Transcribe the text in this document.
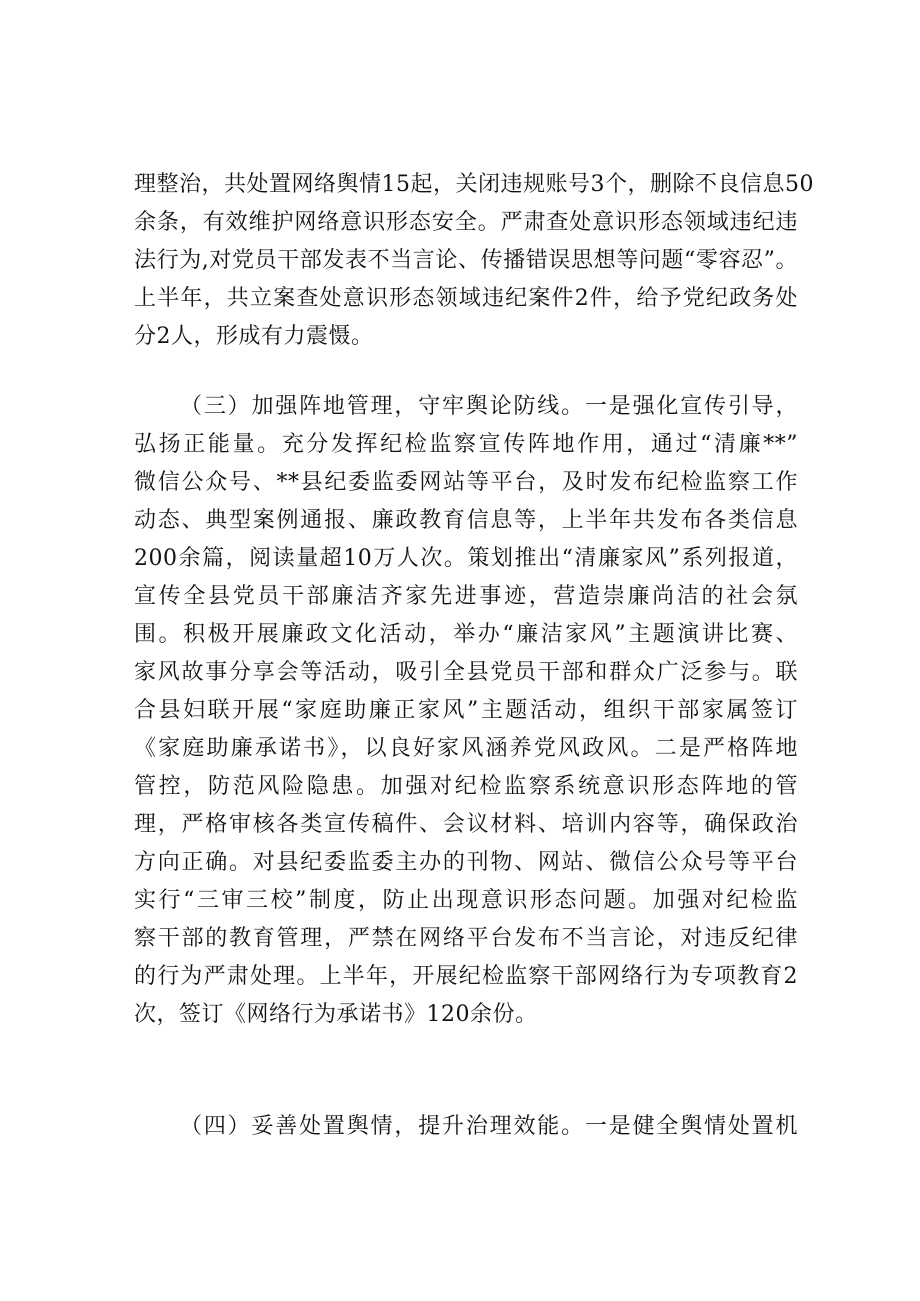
理整治，共处置网络舆情15起，关闭违规账号3个，删除不良信息50
余条，有效维护网络意识形态安全。严肃查处意识形态领域违纪违
法行为,对党员干部发表不当言论、传播错误思想等问题“零容忍”。
上半年，共立案查处意识形态领域违纪案件2件，给予党纪政务处
分2人，形成有力震慑。
（三）加强阵地管理，守牢舆论防线。一是强化宣传引导，
弘扬正能量。充分发挥纪检监察宣传阵地作用，通过“清廉**”
微信公众号、**县纪委监委网站等平台，及时发布纪检监察工作
动态、典型案例通报、廉政教育信息等，上半年共发布各类信息
200余篇，阅读量超10万人次。策划推出“清廉家风”系列报道，
宣传全县党员干部廉洁齐家先进事迹，营造崇廉尚洁的社会氛
围。积极开展廉政文化活动，举办“廉洁家风”主题演讲比赛、
家风故事分享会等活动，吸引全县党员干部和群众广泛参与。联
合县妇联开展“家庭助廉正家风”主题活动，组织干部家属签订
《家庭助廉承诺书》，以良好家风涵养党风政风。二是严格阵地
管控，防范风险隐患。加强对纪检监察系统意识形态阵地的管
理，严格审核各类宣传稿件、会议材料、培训内容等，确保政治
方向正确。对县纪委监委主办的刊物、网站、微信公众号等平台
实行“三审三校”制度，防止出现意识形态问题。加强对纪检监
察干部的教育管理，严禁在网络平台发布不当言论，对违反纪律
的行为严肃处理。上半年，开展纪检监察干部网络行为专项教育2
次，签订《网络行为承诺书》120余份。
（四）妥善处置舆情，提升治理效能。一是健全舆情处置机
